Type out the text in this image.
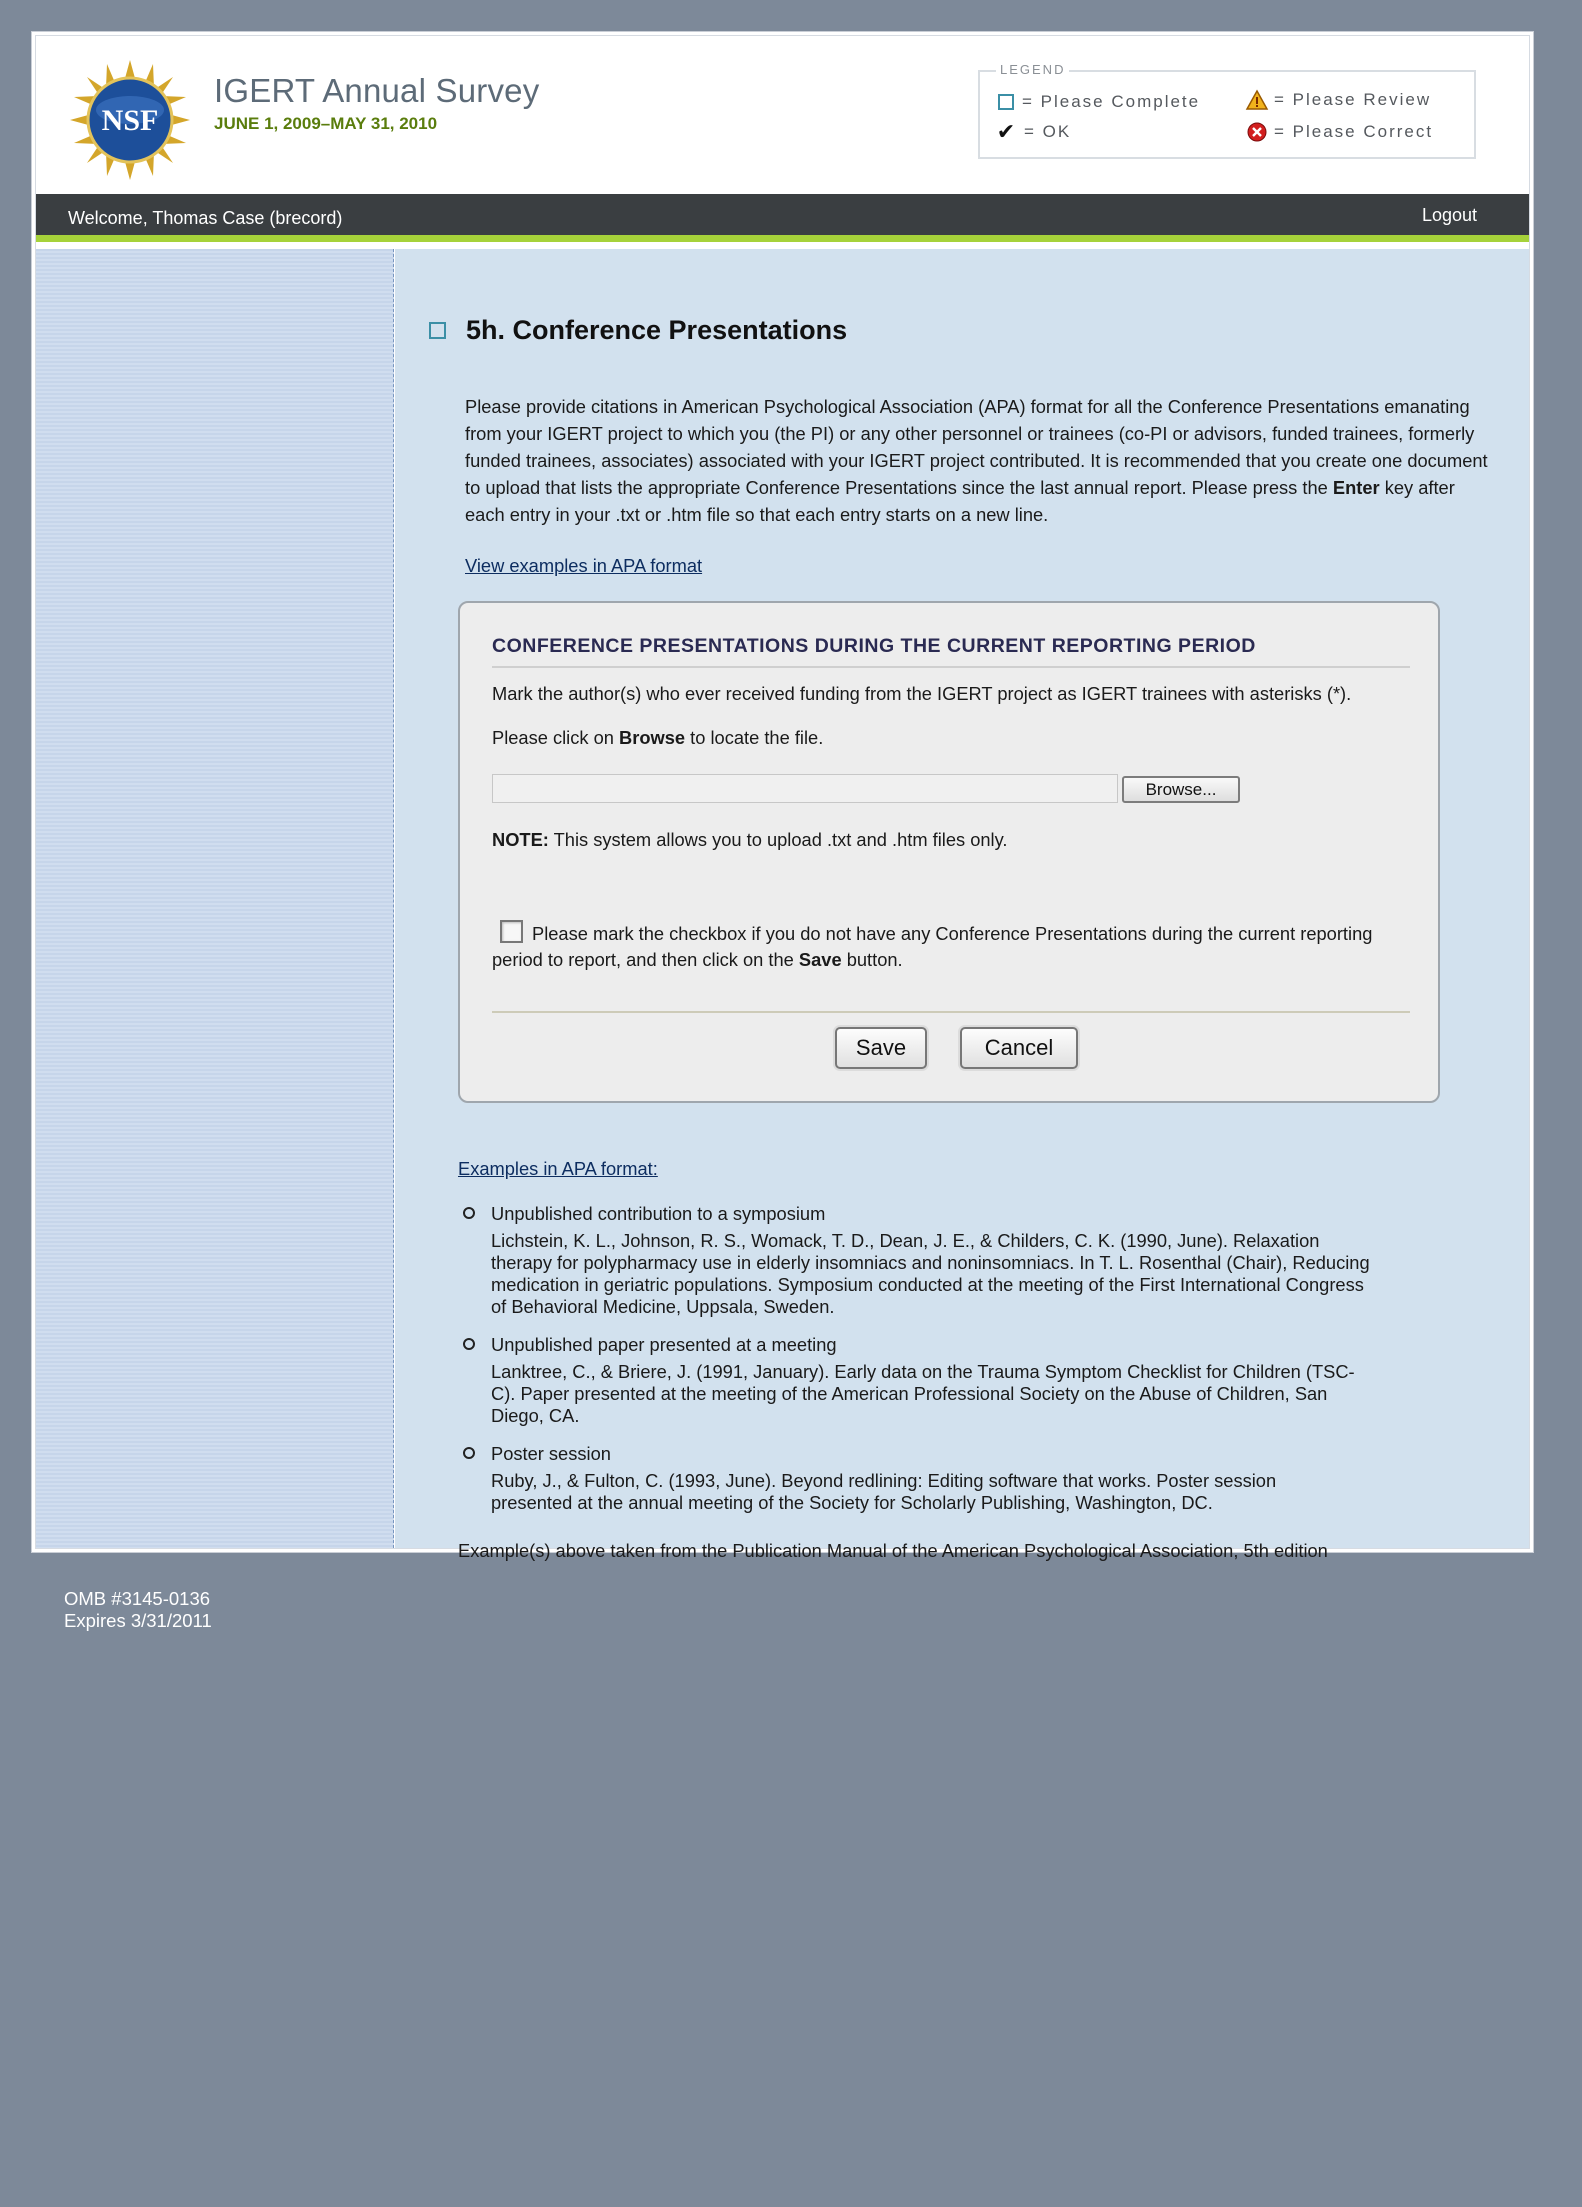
NSF
IGERT Annual Survey
JUNE 1, 2009–MAY 31, 2010
LEGEND
= Please Complete	= Please Review
✔ = OK	= Please Correct
Welcome, Thomas Case (brecord)	Logout
5h. Conference Presentations
Please provide citations in American Psychological Association (APA) format for all the Conference Presentations emanating from your IGERT project to which you (the PI) or any other personnel or trainees (co-PI or advisors, funded trainees, formerly funded trainees, associates) associated with your IGERT project contributed. It is recommended that you create one document to upload that lists the appropriate Conference Presentations since the last annual report. Please press the Enter key after each entry in your .txt or .htm file so that each entry starts on a new line.
View examples in APA format
CONFERENCE PRESENTATIONS DURING THE CURRENT REPORTING PERIOD
Mark the author(s) who ever received funding from the IGERT project as IGERT trainees with asterisks (*).
Please click on Browse to locate the file.
Browse...
NOTE: This system allows you to upload .txt and .htm files only.
Please mark the checkbox if you do not have any Conference Presentations during the current reporting period to report, and then click on the Save button.
Save	Cancel
Examples in APA format:
Unpublished contribution to a symposium
Lichstein, K. L., Johnson, R. S., Womack, T. D., Dean, J. E., & Childers, C. K. (1990, June). Relaxation therapy for polypharmacy use in elderly insomniacs and noninsomniacs. In T. L. Rosenthal (Chair), Reducing medication in geriatric populations. Symposium conducted at the meeting of the First International Congress of Behavioral Medicine, Uppsala, Sweden.
Unpublished paper presented at a meeting
Lanktree, C., & Briere, J. (1991, January). Early data on the Trauma Symptom Checklist for Children (TSC-C). Paper presented at the meeting of the American Professional Society on the Abuse of Children, San Diego, CA.
Poster session
Ruby, J., & Fulton, C. (1993, June). Beyond redlining: Editing software that works. Poster session presented at the annual meeting of the Society for Scholarly Publishing, Washington, DC.
Example(s) above taken from the Publication Manual of the American Psychological Association, 5th edition
OMB #3145-0136
Expires 3/31/2011
